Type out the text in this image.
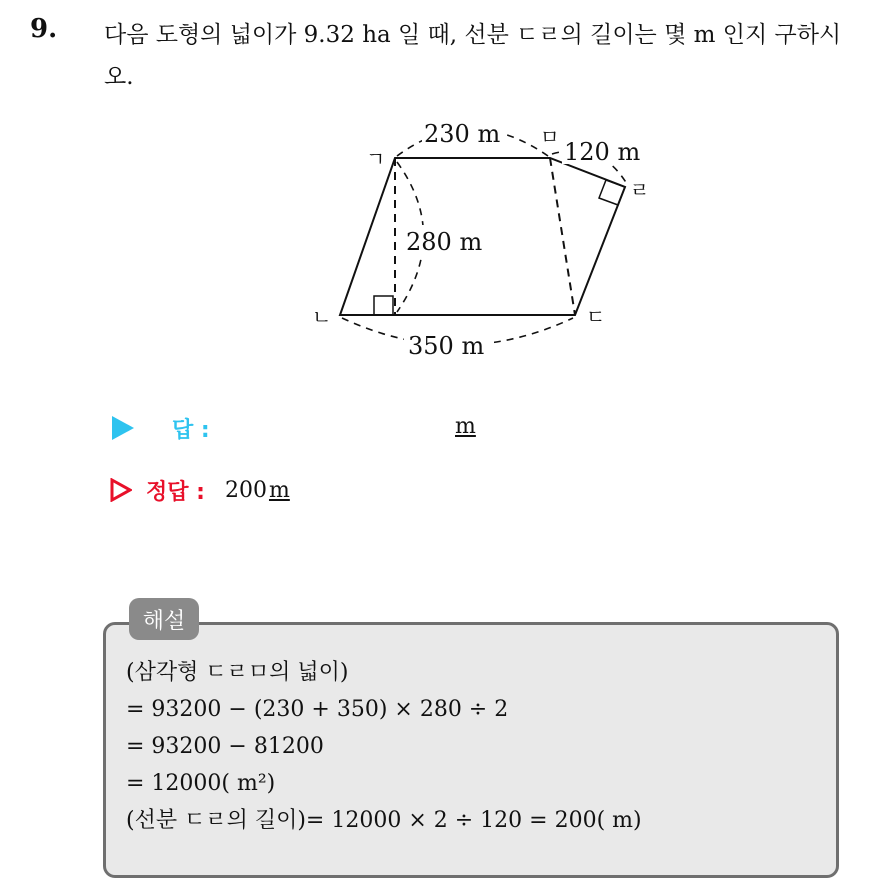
9. 다음 도형의 넓이가 9.32 ha 일 때, 선분 ㄷㄹ의 길이는 몇 m 인지 구하시오.
230 m
120 m
280 m
350 m
ㄱ
ㅁ
ㄹ
ㄷ
ㄴ
답 :	m
정답 : 200 m
해설
(삼각형 ㄷㄹㅁ의 넓이)
= 93200 − (230 + 350) × 280 ÷ 2
= 93200 − 81200
= 12000( m²)
(선분 ㄷㄹ의 길이)= 12000 × 2 ÷ 120 = 200( m)
